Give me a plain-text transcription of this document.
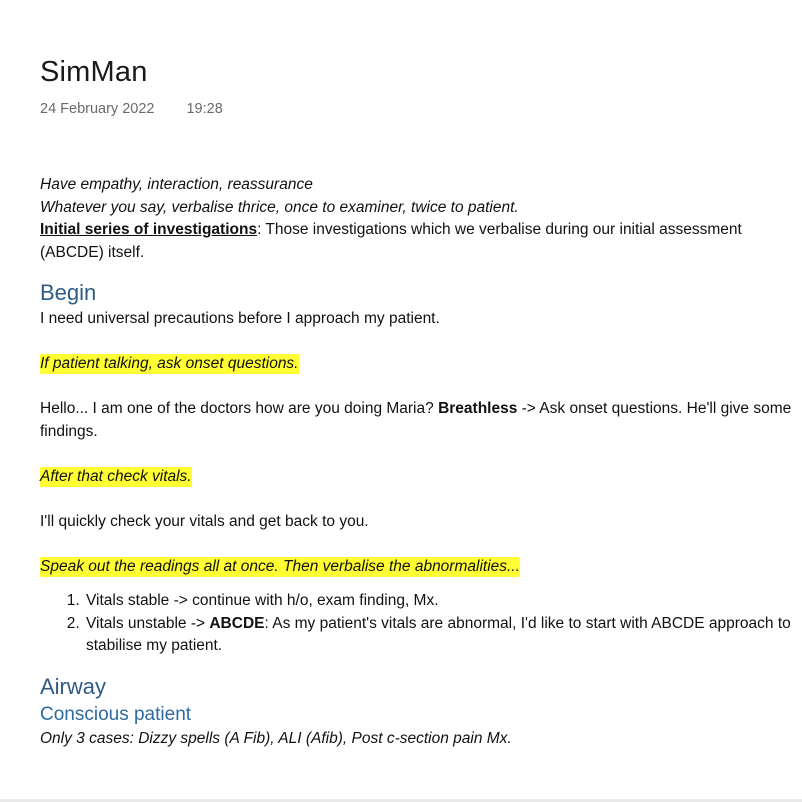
SimMan
24 February 2022 19:28

Have empathy, interaction, reassurance

Whatever you say, verbalise thrice, once to examiner, twice to patient.

Initial series of investigations: Those investigations which we verbalise during our initial assessment (ABCDE) itself.

Begin

I need universal precautions before I approach my patient.

If patient talking, ask onset questions.

Hello... I am one of the doctors how are you doing Maria? Breathless -> Ask onset questions. He'll give some findings.

After that check vitals.

I'll quickly check your vitals and get back to you.

Speak out the readings all at once. Then verbalise the abnormalities...

1. Vitals stable -> continue with h/o, exam finding, Mx.
2. Vitals unstable -> ABCDE: As my patient's vitals are abnormal, I'd like to start with ABCDE approach to stabilise my patient.
Airway
Conscious patient

Only 3 cases: Dizzy spells (A Fib), ALI (Afib), Post c-section pain Mx.
